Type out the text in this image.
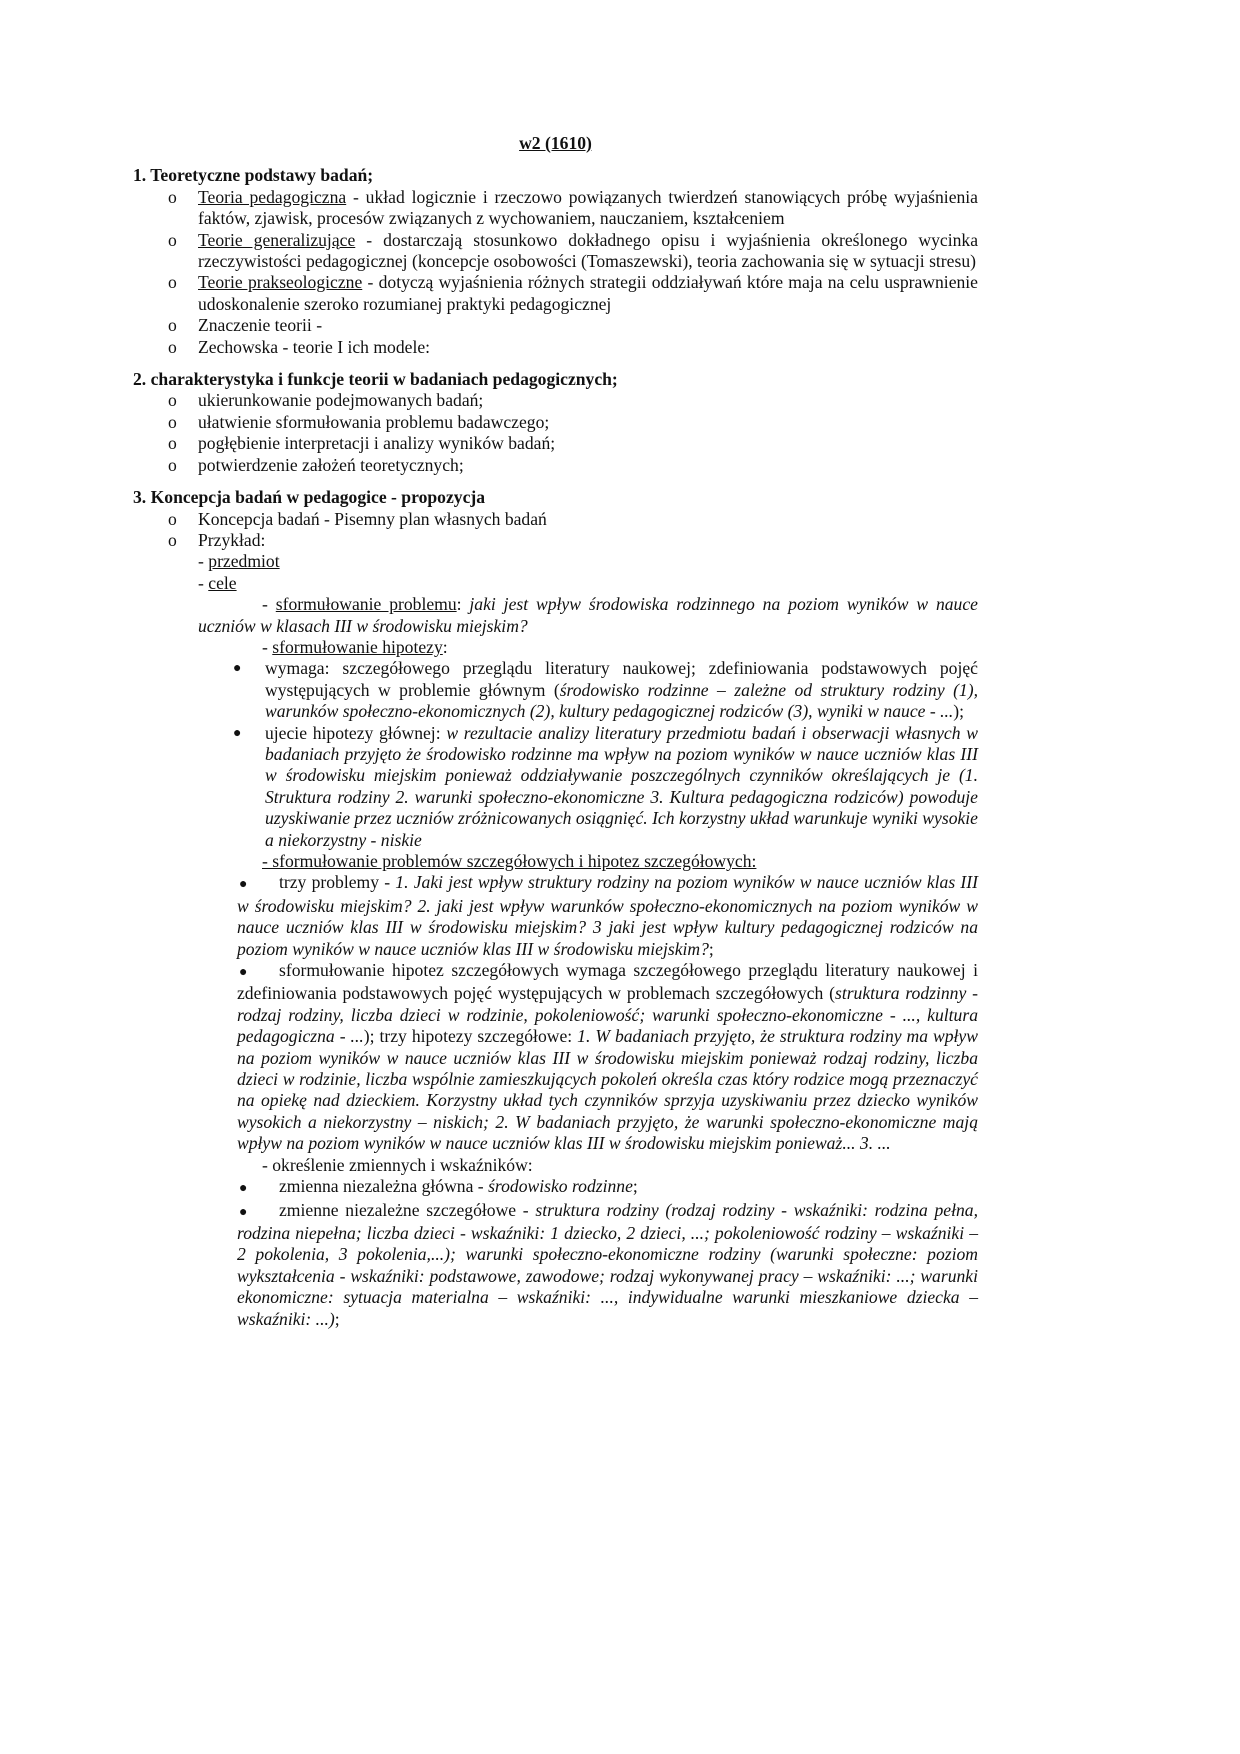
w2 (1610)
1. Teoretyczne podstawy badań;
o Teoria pedagogiczna - układ logicznie i rzeczowo powiązanych twierdzeń stanowiących próbę wyjaśnienia faktów, zjawisk, procesów związanych z wychowaniem, nauczaniem, kształceniem
o Teorie generalizujące - dostarczają stosunkowo dokładnego opisu i wyjaśnienia określonego wycinka rzeczywistości pedagogicznej (koncepcje osobowości (Tomaszewski), teoria zachowania się w sytuacji stresu)
o Teorie prakseologiczne - dotyczą wyjaśnienia różnych strategii oddziaływań które maja na celu usprawnienie udoskonalenie szeroko rozumianej praktyki pedagogicznej
o Znaczenie teorii -
o Zechowska - teorie I ich modele:
2. charakterystyka i funkcje teorii w badaniach pedagogicznych;
o ukierunkowanie podejmowanych badań;
o ułatwienie sformułowania problemu badawczego;
o pogłębienie interpretacji i analizy wyników badań;
o potwierdzenie założeń teoretycznych;
3. Koncepcja badań w pedagogice - propozycja
o Koncepcja badań - Pisemny plan własnych badań
o Przykład:
- przedmiot
- cele
- sformułowanie problemu: jaki jest wpływ środowiska rodzinnego na poziom wyników w nauce uczniów w klasach III w środowisku miejskim?
- sformułowanie hipotezy:
● wymaga: szczegółowego przeglądu literatury naukowej; zdefiniowania podstawowych pojęć występujących w problemie głównym (środowisko rodzinne – zależne od struktury rodziny (1), warunków społeczno-ekonomicznych (2), kultury pedagogicznej rodziców (3), wyniki w nauce - ...);
● ujecie hipotezy głównej: w rezultacie analizy literatury przedmiotu badań i obserwacji własnych w badaniach przyjęto że środowisko rodzinne ma wpływ na poziom wyników w nauce uczniów klas III w środowisku miejskim ponieważ oddziaływanie poszczególnych czynników określających je (1. Struktura rodziny 2. warunki społeczno-ekonomiczne 3. Kultura pedagogiczna rodziców) powoduje uzyskiwanie przez uczniów zróżnicowanych osiągnięć. Ich korzystny układ warunkuje wyniki wysokie a niekorzystny - niskie
- sformułowanie problemów szczegółowych i hipotez szczegółowych:
● trzy problemy - 1. Jaki jest wpływ struktury rodziny na poziom wyników w nauce uczniów klas III w środowisku miejskim? 2. jaki jest wpływ warunków społeczno-ekonomicznych na poziom wyników w nauce uczniów klas III w środowisku miejskim? 3 jaki jest wpływ kultury pedagogicznej rodziców na poziom wyników w nauce uczniów klas III w środowisku miejskim?;
● sformułowanie hipotez szczegółowych wymaga szczegółowego przeglądu literatury naukowej i zdefiniowania podstawowych pojęć występujących w problemach szczegółowych (struktura rodzinny - rodzaj rodziny, liczba dzieci w rodzinie, pokoleniowość; warunki społeczno-ekonomiczne - ..., kultura pedagogiczna - ...); trzy hipotezy szczegółowe: 1. W badaniach przyjęto, że struktura rodziny ma wpływ na poziom wyników w nauce uczniów klas III w środowisku miejskim ponieważ rodzaj rodziny, liczba dzieci w rodzinie, liczba wspólnie zamieszkujących pokoleń określa czas który rodzice mogą przeznaczyć na opiekę nad dzieckiem. Korzystny układ tych czynników sprzyja uzyskiwaniu przez dziecko wyników wysokich a niekorzystny – niskich; 2. W badaniach przyjęto, że warunki społeczno-ekonomiczne mają wpływ na poziom wyników w nauce uczniów klas III w środowisku miejskim ponieważ... 3. ...
- określenie zmiennych i wskaźników:
● zmienna niezależna główna - środowisko rodzinne;
● zmienne niezależne szczegółowe - struktura rodziny (rodzaj rodziny - wskaźniki: rodzina pełna, rodzina niepełna; liczba dzieci - wskaźniki: 1 dziecko, 2 dzieci, ...; pokoleniowość rodziny – wskaźniki – 2 pokolenia, 3 pokolenia,...); warunki społeczno-ekonomiczne rodziny (warunki społeczne: poziom wykształcenia - wskaźniki: podstawowe, zawodowe; rodzaj wykonywanej pracy – wskaźniki: ...; warunki ekonomiczne: sytuacja materialna – wskaźniki: ..., indywidualne warunki mieszkaniowe dziecka – wskaźniki: ...);
